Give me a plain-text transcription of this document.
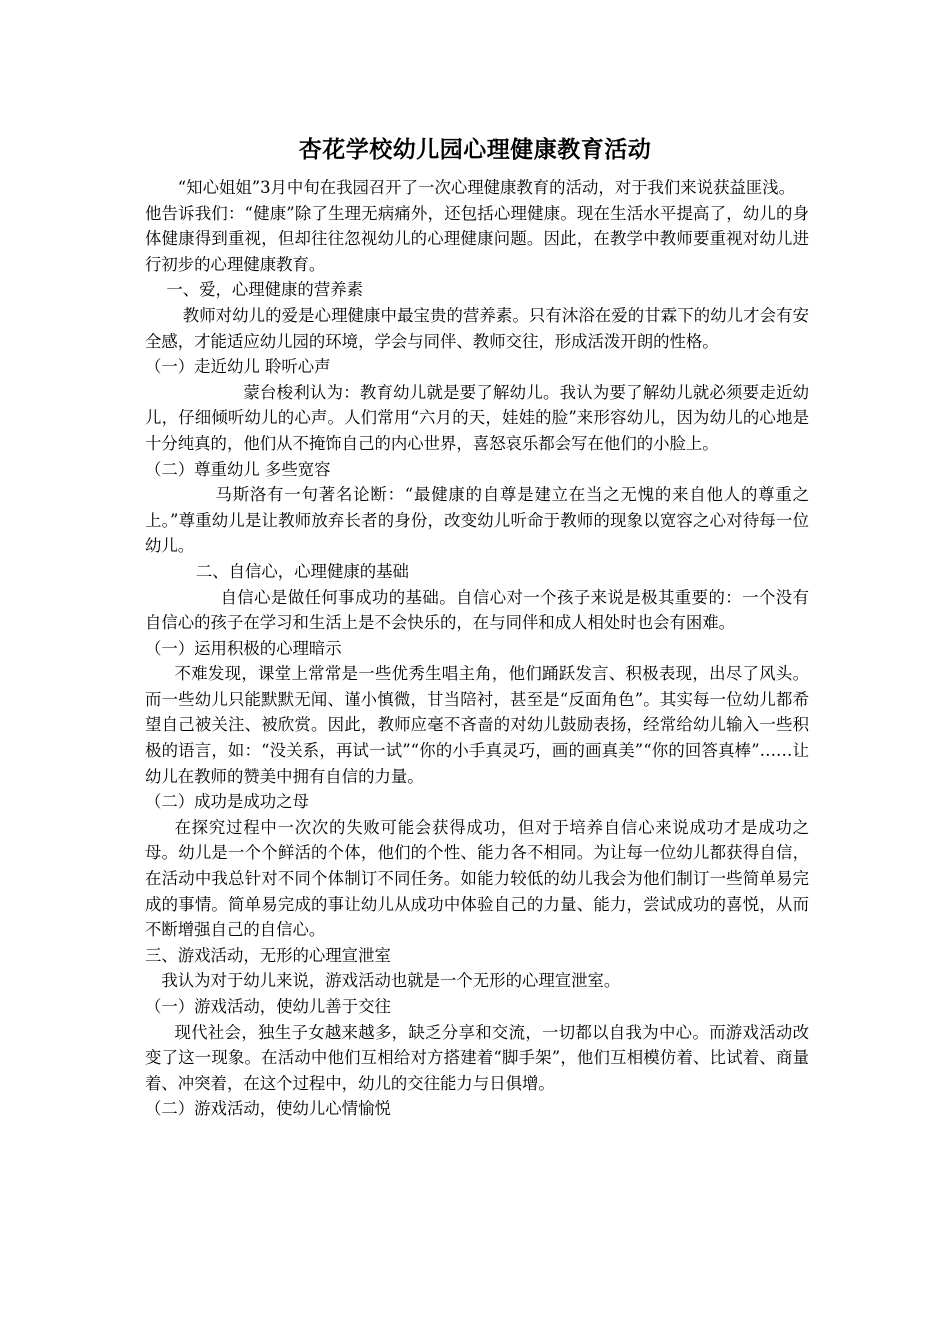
杏花学校幼儿园心理健康教育活动

“知心姐姐”3月中旬在我园召开了一次心理健康教育的活动，对于我们来说获益匪浅。

他告诉我们：“健康”除了生理无病痛外，还包括心理健康。现在生活水平提高了，幼儿的身体健康得到重视，但却往往忽视幼儿的心理健康问题。因此，在教学中教师要重视对幼儿进行初步的心理健康教育。

一、爱，心理健康的营养素

教师对幼儿的爱是心理健康中最宝贵的营养素。只有沐浴在爱的甘霖下的幼儿才会有安全感，才能适应幼儿园的环境，学会与同伴、教师交往，形成活泼开朗的性格。

（一）走近幼儿 聆听心声

蒙台梭利认为：教育幼儿就是要了解幼儿。我认为要了解幼儿就必须要走近幼儿，仔细倾听幼儿的心声。人们常用“六月的天，娃娃的脸”来形容幼儿，因为幼儿的心地是十分纯真的，他们从不掩饰自己的内心世界，喜怒哀乐都会写在他们的小脸上。

（二）尊重幼儿 多些宽容

马斯洛有一句著名论断：“最健康的自尊是建立在当之无愧的来自他人的尊重之上。”尊重幼儿是让教师放弃长者的身份，改变幼儿听命于教师的现象以宽容之心对待每一位幼儿。

二、自信心，心理健康的基础

自信心是做任何事成功的基础。自信心对一个孩子来说是极其重要的：一个没有自信心的孩子在学习和生活上是不会快乐的，在与同伴和成人相处时也会有困难。

（一）运用积极的心理暗示

不难发现，课堂上常常是一些优秀生唱主角，他们踊跃发言、积极表现，出尽了风头。而一些幼儿只能默默无闻、谨小慎微，甘当陪衬，甚至是“反面角色”。其实每一位幼儿都希望自己被关注、被欣赏。因此，教师应毫不吝啬的对幼儿鼓励表扬，经常给幼儿输入一些积极的语言，如：“没关系，再试一试”“你的小手真灵巧，画的画真美”“你的回答真棒”……让幼儿在教师的赞美中拥有自信的力量。

（二）成功是成功之母

在探究过程中一次次的失败可能会获得成功，但对于培养自信心来说成功才是成功之母。幼儿是一个个鲜活的个体，他们的个性、能力各不相同。为让每一位幼儿都获得自信，在活动中我总针对不同个体制订不同任务。如能力较低的幼儿我会为他们制订一些简单易完成的事情。简单易完成的事让幼儿从成功中体验自己的力量、能力，尝试成功的喜悦，从而不断增强自己的自信心。

三、游戏活动，无形的心理宣泄室

我认为对于幼儿来说，游戏活动也就是一个无形的心理宣泄室。

（一）游戏活动，使幼儿善于交往

现代社会，独生子女越来越多，缺乏分享和交流，一切都以自我为中心。而游戏活动改变了这一现象。在活动中他们互相给对方搭建着“脚手架”，他们互相模仿着、比试着、商量着、冲突着，在这个过程中，幼儿的交往能力与日俱增。

（二）游戏活动，使幼儿心情愉悦
